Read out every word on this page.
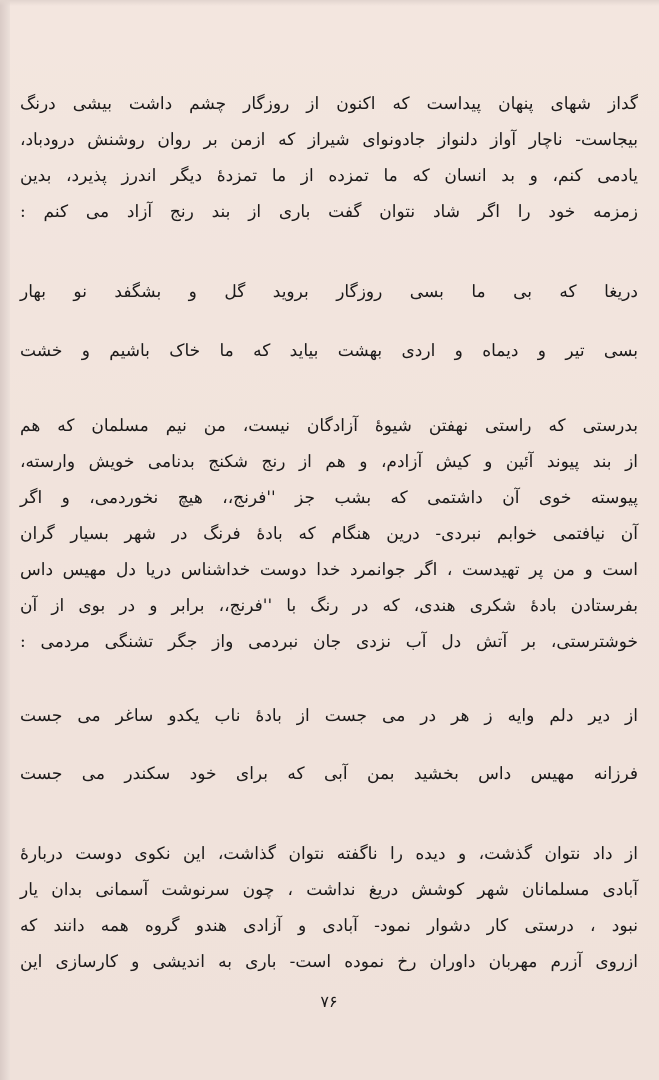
گداز شهای پنهان پیداست که اکنون از روزگار چشم داشت بیشی درنگ
بیجاست- ناچار آواز دلنواز جادونوای شیراز که ازمن بر روان روشنش درودباد،
یادمی کنم، و بد انسان که ما تمزده از ما تمزدهٔ دیگر اندرز پذیرد، بدین
زمزمه خود را اگر شاد نتوان گفت باری از بند رنج آزاد می کنم :
دریغا که بی ما بسی روزگار بروید گل و بشگفد نو بهار
بسی تیر و دیماه و اردی بهشت بیاید که ما خاک باشیم و خشت
بدرستی که راستی نهفتن شیوهٔ آزادگان نیست، من نیم مسلمان که هم
از بند پیوند آئین و کیش آزادم، و هم از رنج شکنج بدنامی خویش وارسته،
پیوسته خوی آن داشتمی که بشب جز ''فرنج،، هیچ نخوردمی، و اگر
آن نیافتمی خوابم نبردی- درین هنگام که بادهٔ فرنگ در شهر بسیار گران
است و من پر تهیدست ، اگر جوانمرد خدا دوست خداشناس دریا دل مهیس داس
بفرستادن بادهٔ شکری هندی، که در رنگ با ''فرنج،، برابر و در بوی از آن
خوشترستی، بر آتش دل آب نزدی جان نبردمی واز جگر تشنگی مردمی :
از دیر دلم وایه ز هر در می جست از بادهٔ ناب یکدو ساغر می جست
فرزانه مهیس داس بخشید بمن آبی که برای خود سکندر می جست
از داد نتوان گذشت، و دیده را ناگفته نتوان گذاشت، این نکوی دوست دربارهٔ
آبادی مسلمانان شهر کوشش دریغ نداشت ، چون سرنوشت آسمانی بدان یار
نبود ، درستی کار دشوار نمود- آبادی و آزادی هندو گروه همه دانند که
ازروی آزرم مهربان داوران رخ نموده است- باری به اندیشی و کارسازی این
۷۶
